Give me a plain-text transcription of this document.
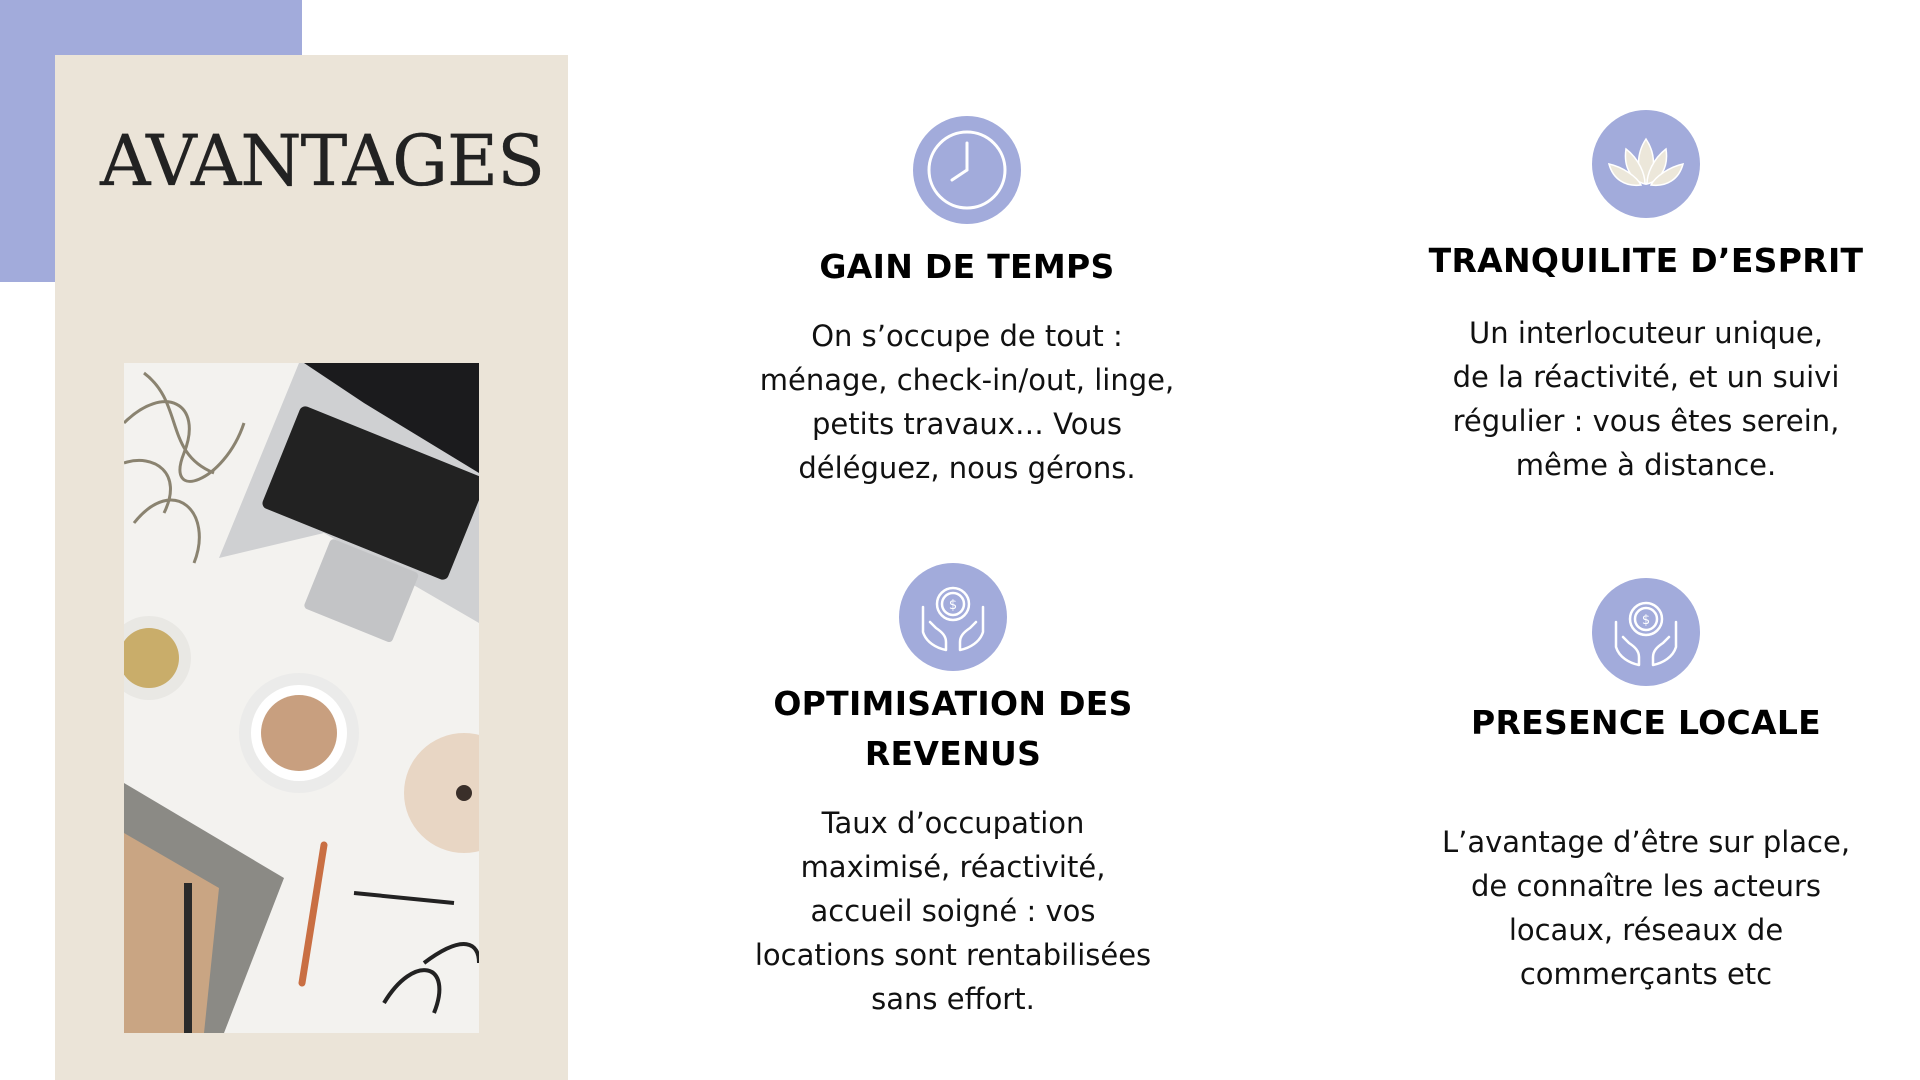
AVANTAGES
GAIN DE TEMPS

On s’occupe de tout :
ménage, check-in/out, linge,
petits travaux… Vous
déléguez, nous gérons.

TRANQUILITE D’ESPRIT

Un interlocuteur unique,
de la réactivité, et un suivi
régulier : vous êtes serein,
même à distance.

$
OPTIMISATION DES
REVENUS

Taux d’occupation
maximisé, réactivité,
accueil soigné : vos
locations sont rentabilisées
sans effort.

$
PRESENCE LOCALE

L’avantage d’être sur place,
de connaître les acteurs
locaux, réseaux de
commerçants etc
